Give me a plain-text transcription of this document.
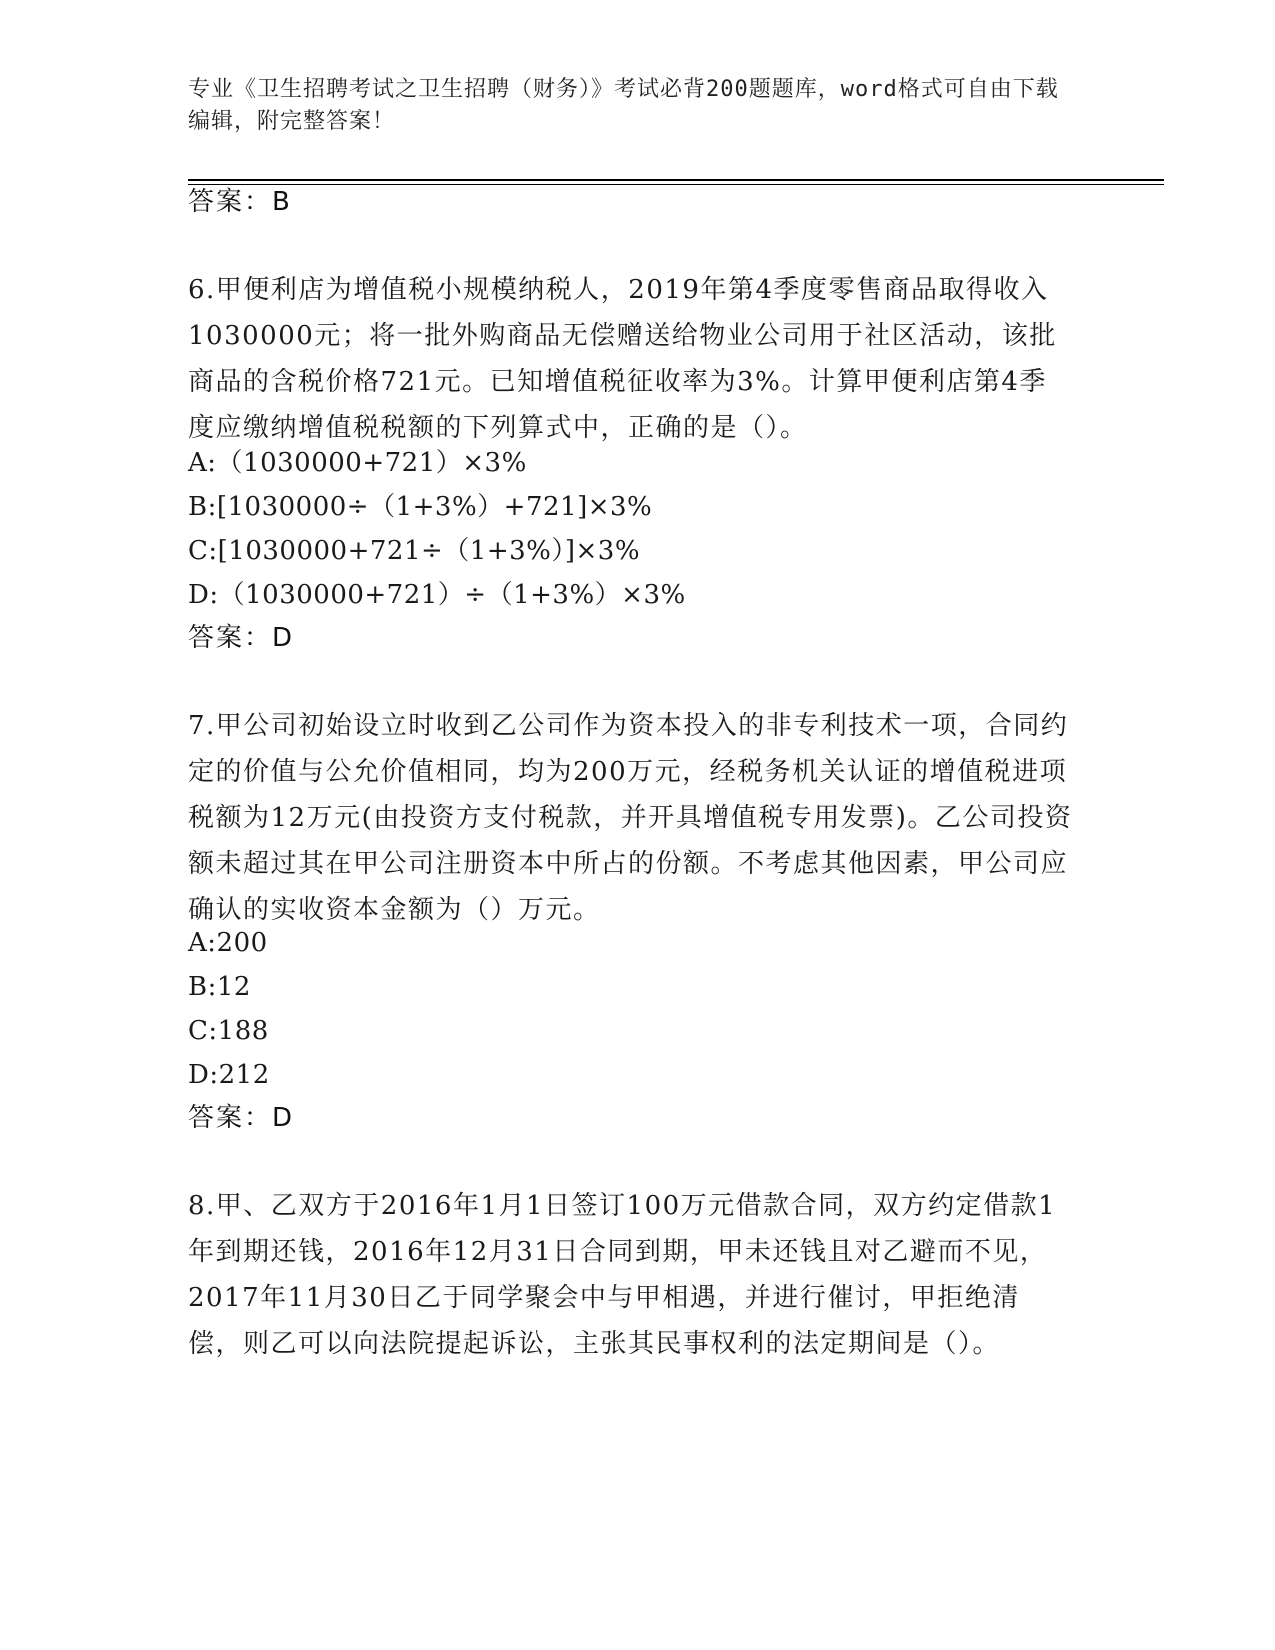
专业《卫生招聘考试之卫生招聘（财务）》考试必背200题题库，word格式可自由下载编辑，附完整答案！
答案：B
6.甲便利店为增值税小规模纳税人，2019年第4季度零售商品取得收入1030000元；将一批外购商品无偿赠送给物业公司用于社区活动，该批商品的含税价格721元。已知增值税征收率为3%。计算甲便利店第4季度应缴纳增值税税额的下列算式中，正确的是（）。
A:（1030000+721）×3%
B:[1030000÷（1+3%）+721]×3%
C:[1030000+721÷（1+3%）]×3%
D:（1030000+721）÷（1+3%）×3%
答案：D
7.甲公司初始设立时收到乙公司作为资本投入的非专利技术一项，合同约定的价值与公允价值相同，均为200万元，经税务机关认证的增值税进项税额为12万元(由投资方支付税款，并开具增值税专用发票)。乙公司投资额未超过其在甲公司注册资本中所占的份额。不考虑其他因素，甲公司应确认的实收资本金额为（）万元。
A:200
B:12
C:188
D:212
答案：D
8.甲、乙双方于2016年1月1日签订100万元借款合同，双方约定借款1年到期还钱，2016年12月31日合同到期，甲未还钱且对乙避而不见，2017年11月30日乙于同学聚会中与甲相遇，并进行催讨，甲拒绝清偿，则乙可以向法院提起诉讼，主张其民事权利的法定期间是（）。
